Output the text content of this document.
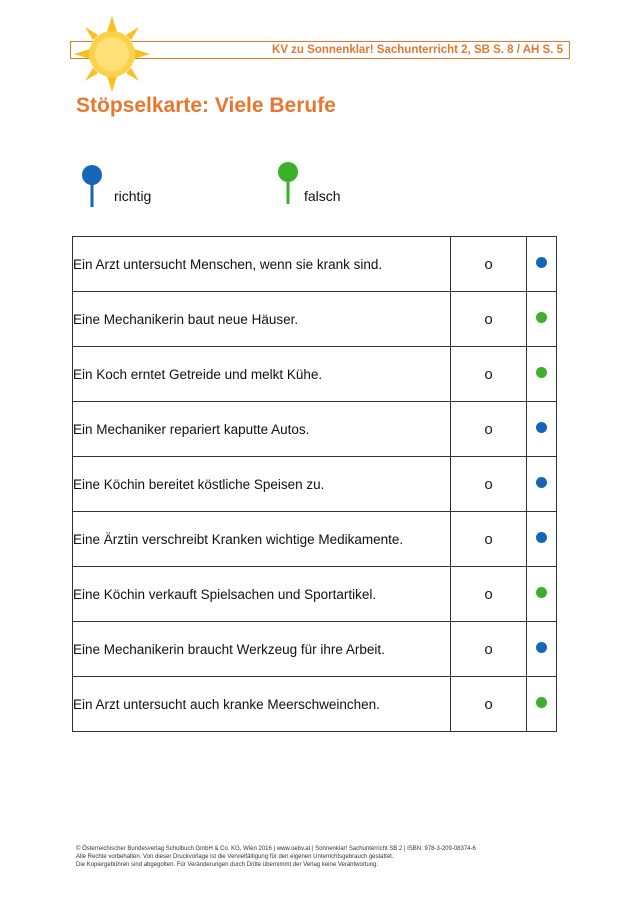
KV zu Sonnenklar! Sachunterricht 2, SB S. 8 / AH S. 5
Stöpselkarte: Viele Berufe
richtig	falsch
Ein Arzt untersucht Menschen, wenn sie krank sind.	o	
Eine Mechanikerin baut neue Häuser.	o	
Ein Koch erntet Getreide und melkt Kühe.	o	
Ein Mechaniker repariert kaputte Autos.	o	
Eine Köchin bereitet köstliche Speisen zu.	o	
Eine Ärztin verschreibt Kranken wichtige Medikamente.	o	
Eine Köchin verkauft Spielsachen und Sportartikel.	o	
Eine Mechanikerin braucht Werkzeug für ihre Arbeit.	o	
Ein Arzt untersucht auch kranke Meerschweinchen.	o	
© Österreichischer Bundesverlag Schulbuch GmbH & Co. KG, Wien 2016 | www.oebv.at | Sonnenklar! Sachunterricht SB 2 | ISBN: 978-3-209-08374-6
Alle Rechte vorbehalten. Von dieser Druckvorlage ist die Vervielfältigung für den eigenen Unterrichtsgebrauch gestattet.
Die Kopiergebühren sind abgegolten. Für Veränderungen durch Dritte übernimmt der Verlag keine Verantwortung.
